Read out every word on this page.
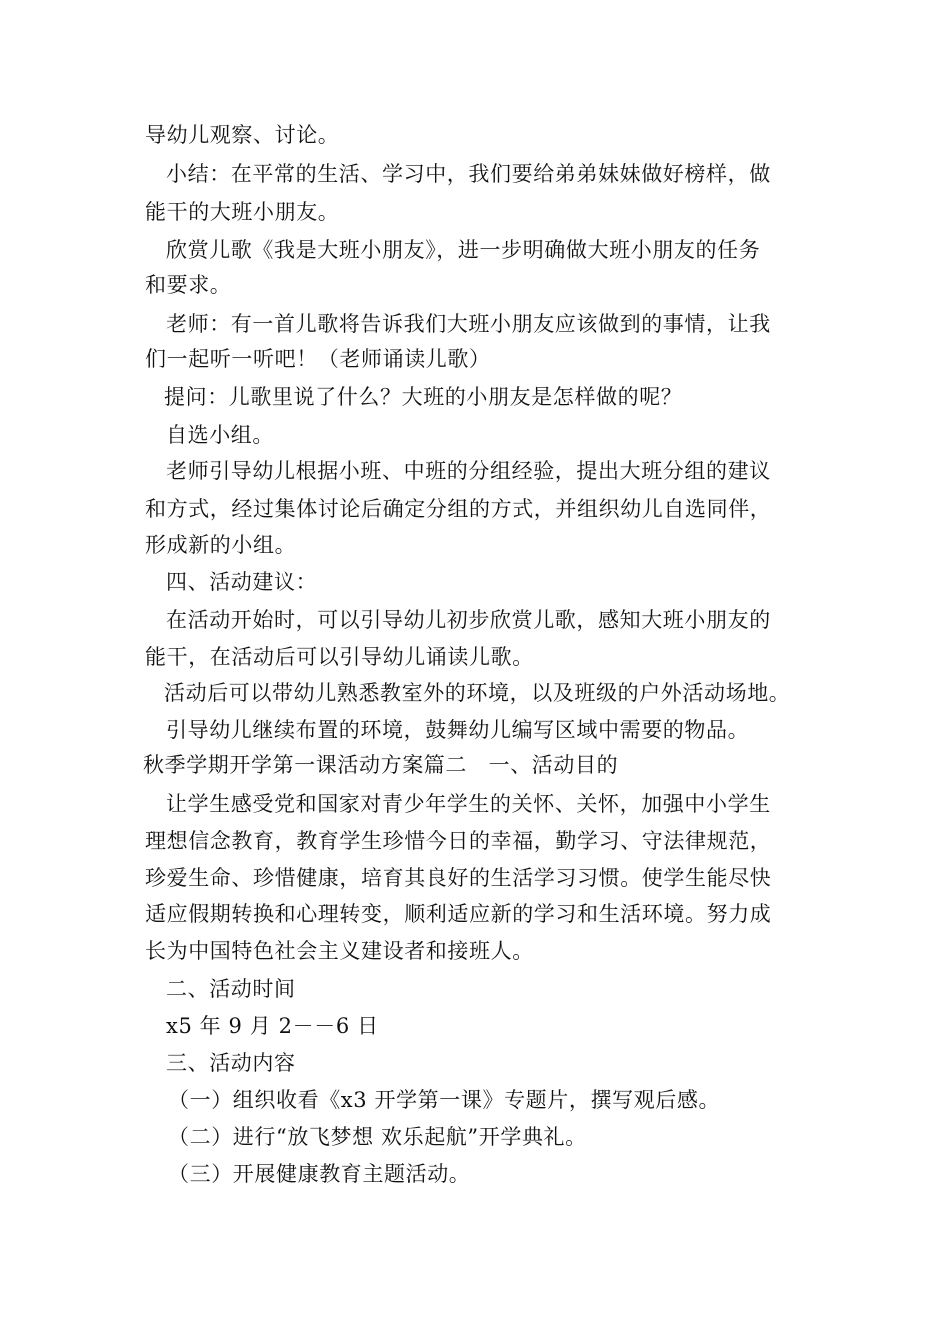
导幼儿观察、讨论。
小结：在平常的生活、学习中，我们要给弟弟妹妹做好榜样，做
能干的大班小朋友。
欣赏儿歌《我是大班小朋友》，进一步明确做大班小朋友的任务
和要求。
老师：有一首儿歌将告诉我们大班小朋友应该做到的事情，让我
们一起听一听吧！（老师诵读儿歌）
提问：儿歌里说了什么？大班的小朋友是怎样做的呢？
自选小组。
老师引导幼儿根据小班、中班的分组经验，提出大班分组的建议
和方式，经过集体讨论后确定分组的方式，并组织幼儿自选同伴，
形成新的小组。
四、活动建议：
在活动开始时，可以引导幼儿初步欣赏儿歌，感知大班小朋友的
能干，在活动后可以引导幼儿诵读儿歌。
活动后可以带幼儿熟悉教室外的环境，以及班级的户外活动场地。
引导幼儿继续布置的环境，鼓舞幼儿编写区域中需要的物品。
秋季学期开学第一课活动方案篇二　一、活动目的
让学生感受党和国家对青少年学生的关怀、关怀，加强中小学生
理想信念教育，教育学生珍惜今日的幸福，勤学习、守法律规范，
珍爱生命、珍惜健康，培育其良好的生活学习习惯。使学生能尽快
适应假期转换和心理转变，顺利适应新的学习和生活环境。努力成
长为中国特色社会主义建设者和接班人。
二、活动时间
x5 年 9 月 2－－6 日
三、活动内容
（一）组织收看《x3 开学第一课》专题片，撰写观后感。
（二）进行“放飞梦想 欢乐起航”开学典礼。
（三）开展健康教育主题活动。
